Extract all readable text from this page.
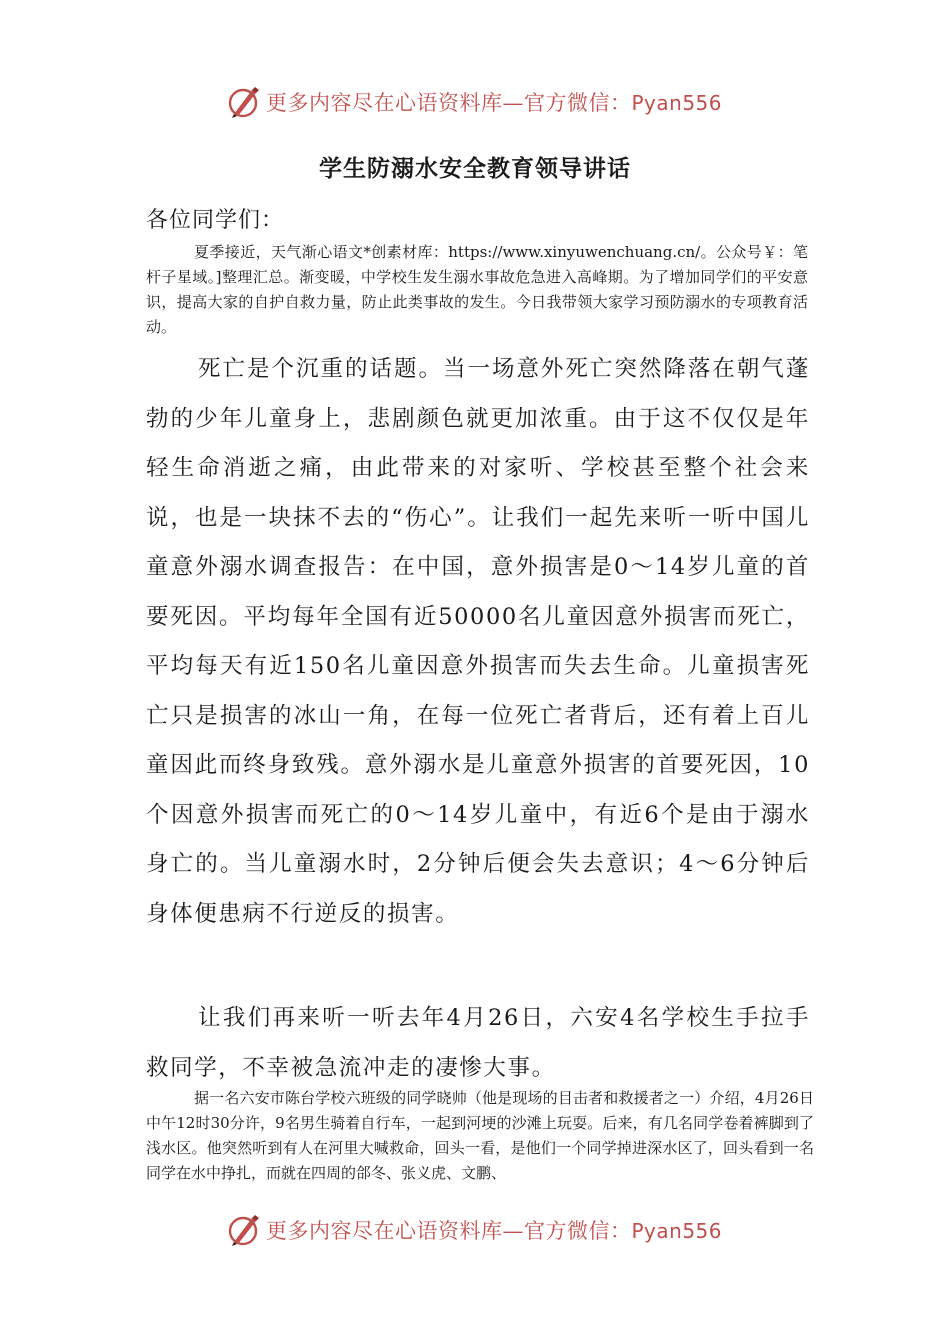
更多内容尽在心语资料库—官方微信：Pyan556
学生防溺水安全教育领导讲话
各位同学们：

夏季接近，天气渐心语文*创素材库：https://www.xinyuwenchuang.cn/。公众号￥：笔杆子星域。]整理汇总。渐变暖，中学校生发生溺水事故危急进入高峰期。为了增加同学们的平安意识，提高大家的自护自救力量，防止此类事故的发生。今日我带领大家学习预防溺水的专项教育活动。

死亡是个沉重的话题。当一场意外死亡突然降落在朝气蓬勃的少年儿童身上，悲剧颜色就更加浓重。由于这不仅仅是年轻生命消逝之痛，由此带来的对家听、学校甚至整个社会来说，也是一块抹不去的“伤心”。让我们一起先来听一听中国儿童意外溺水调查报告：在中国，意外损害是0～14岁儿童的首要死因。平均每年全国有近50000名儿童因意外损害而死亡，平均每天有近150名儿童因意外损害而失去生命。儿童损害死亡只是损害的冰山一角，在每一位死亡者背后，还有着上百儿童因此而终身致残。意外溺水是儿童意外损害的首要死因，10个因意外损害而死亡的0～14岁儿童中，有近6个是由于溺水身亡的。当儿童溺水时，2分钟后便会失去意识；4～6分钟后身体便患病不行逆反的损害。

让我们再来听一听去年4月26日，六安4名学校生手拉手救同学，不幸被急流冲走的凄惨大事。

据一名六安市陈台学校六班级的同学晓帅（他是现场的目击者和救援者之一）介绍，4月26日中午12时30分许，9名男生骑着自行车，一起到河埂的沙滩上玩耍。后来，有几名同学卷着裤脚到了浅水区。他突然听到有人在河里大喊救命，回头一看，是他们一个同学掉进深水区了，回头看到一名同学在水中挣扎，而就在四周的郃冬、张义虎、文鹏、

更多内容尽在心语资料库—官方微信：Pyan556
